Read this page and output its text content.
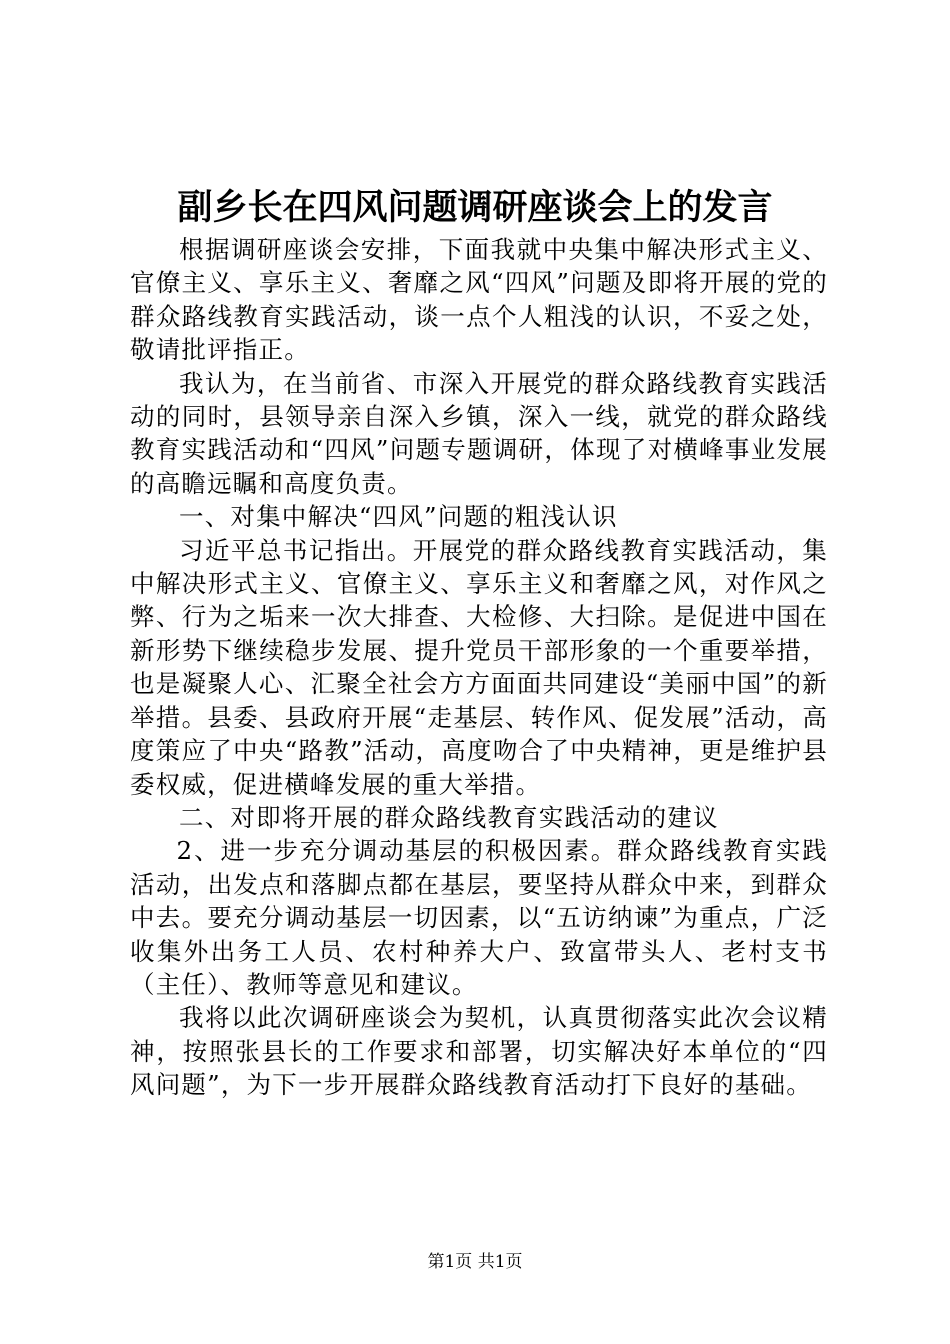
副乡长在四风问题调研座谈会上的发言

根据调研座谈会安排，下面我就中央集中解决形式主义、官僚主义、享乐主义、奢靡之风“四风”问题及即将开展的党的群众路线教育实践活动，谈一点个人粗浅的认识，不妥之处，敬请批评指正。

我认为，在当前省、市深入开展党的群众路线教育实践活动的同时，县领导亲自深入乡镇，深入一线，就党的群众路线教育实践活动和“四风”问题专题调研，体现了对横峰事业发展的高瞻远瞩和高度负责。

一、对集中解决“四风”问题的粗浅认识

习近平总书记指出。开展党的群众路线教育实践活动，集中解决形式主义、官僚主义、享乐主义和奢靡之风，对作风之弊、行为之垢来一次大排查、大检修、大扫除。是促进中国在新形势下继续稳步发展、提升党员干部形象的一个重要举措，也是凝聚人心、汇聚全社会方方面面共同建设“美丽中国”的新举措。县委、县政府开展“走基层、转作风、促发展”活动，高度策应了中央“路教”活动，高度吻合了中央精神，更是维护县委权威，促进横峰发展的重大举措。

二、对即将开展的群众路线教育实践活动的建议

2、进一步充分调动基层的积极因素。群众路线教育实践活动，出发点和落脚点都在基层，要坚持从群众中来，到群众中去。要充分调动基层一切因素，以“五访纳谏”为重点，广泛收集外出务工人员、农村种养大户、致富带头人、老村支书（主任）、教师等意见和建议。

我将以此次调研座谈会为契机，认真贯彻落实此次会议精神，按照张县长的工作要求和部署，切实解决好本单位的“四风问题”，为下一步开展群众路线教育活动打下良好的基础。

第1页 共1页
